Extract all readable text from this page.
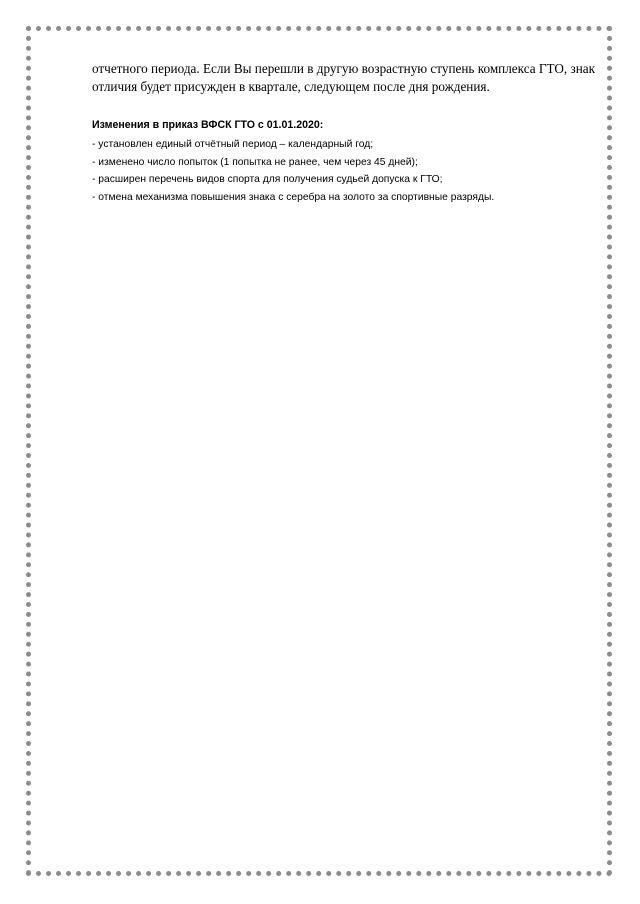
отчетного периода. Если Вы перешли в другую возрастную ступень комплекса ГТО, знак
отличия будет присужден в квартале, следующем после дня рождения.

Изменения в приказ ВФСК ГТО с 01.01.2020:
- установлен единый отчётный период – календарный год;
- изменено число попыток (1 попытка не ранее, чем через 45 дней);
- расширен перечень видов спорта для получения судьей допуска к ГТО;
- отмена механизма повышения знака с серебра на золото за спортивные разряды.
